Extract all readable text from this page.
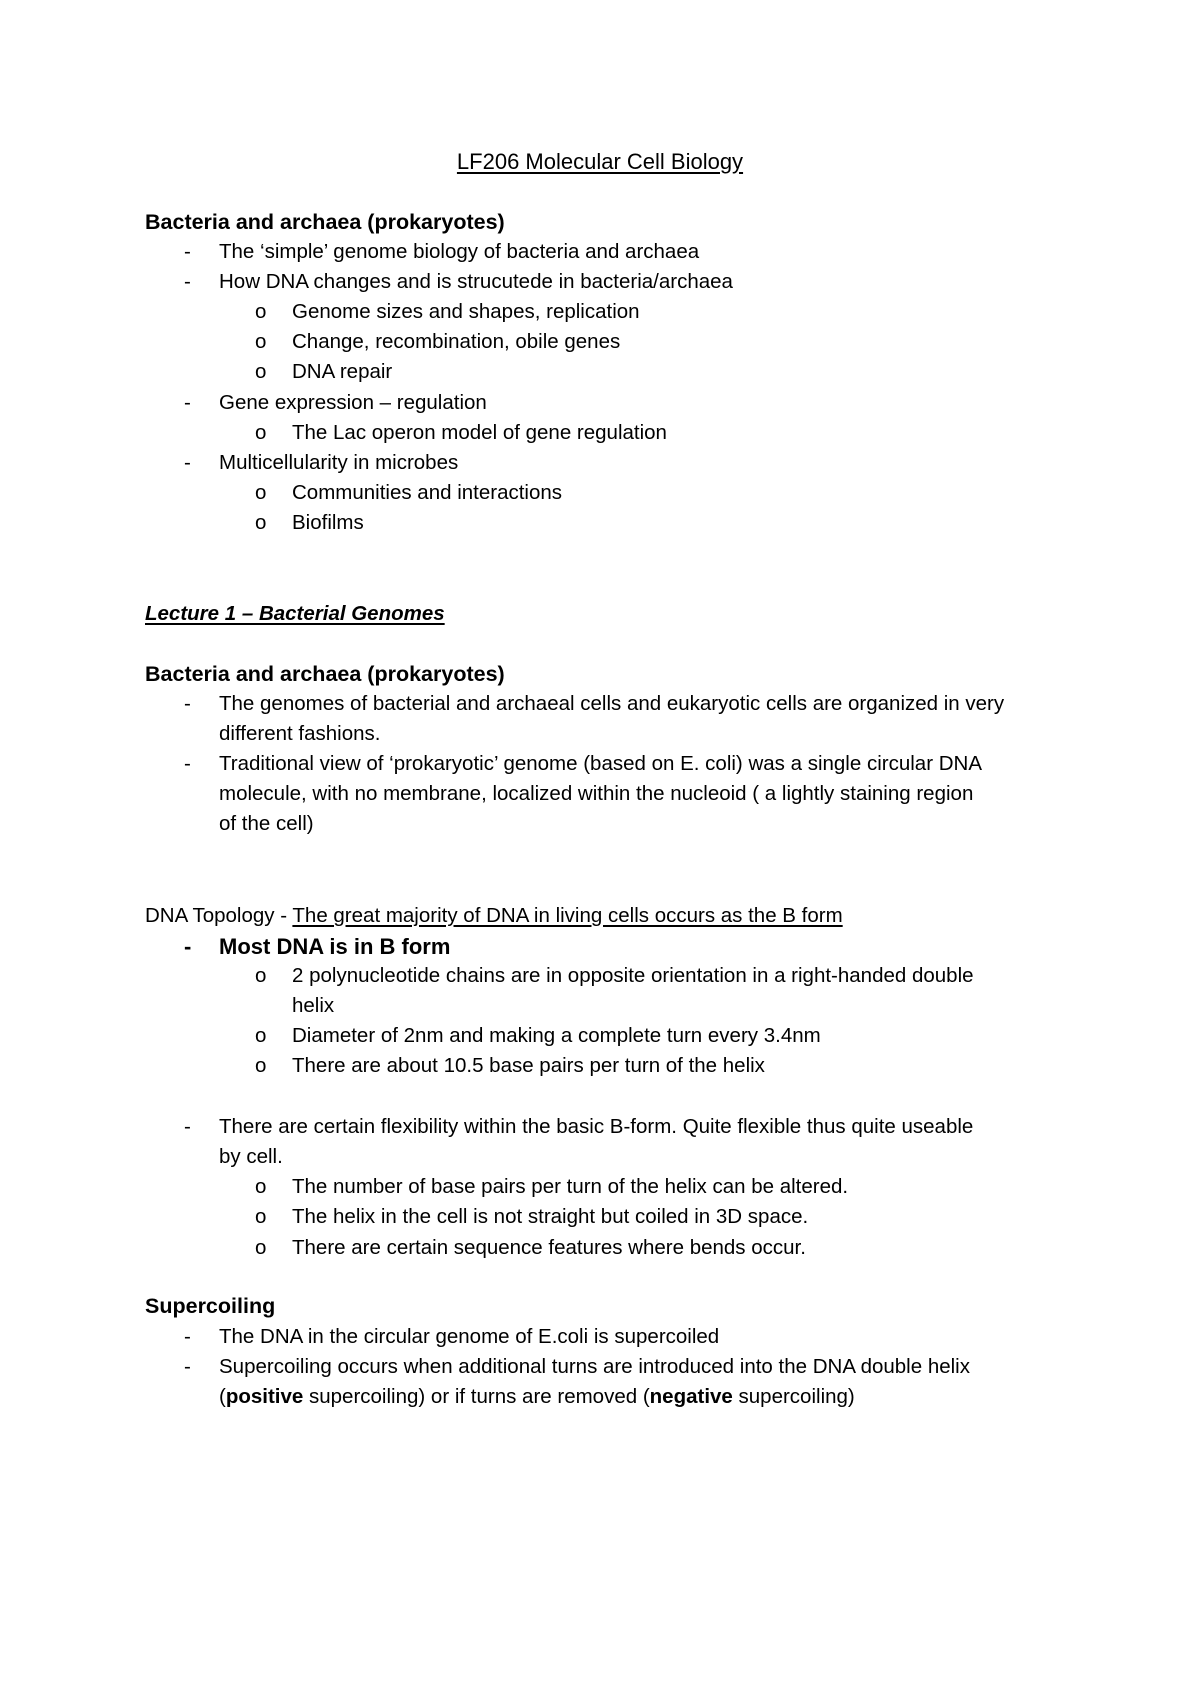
LF206 Molecular Cell Biology
Bacteria and archaea (prokaryotes)
- The ‘simple’ genome biology of bacteria and archaea
- How DNA changes and is strucutede in bacteria/archaea
o Genome sizes and shapes, replication
o Change, recombination, obile genes
o DNA repair
- Gene expression – regulation
o The Lac operon model of gene regulation
- Multicellularity in microbes
o Communities and interactions
o Biofilms
Lecture 1 – Bacterial Genomes
Bacteria and archaea (prokaryotes)
- The genomes of bacterial and archaeal cells and eukaryotic cells are organized in very
different fashions.
- Traditional view of ‘prokaryotic’ genome (based on E. coli) was a single circular DNA
molecule, with no membrane, localized within the nucleoid ( a lightly staining region
of the cell)
DNA Topology - The great majority of DNA in living cells occurs as the B form
- Most DNA is in B form
o 2 polynucleotide chains are in opposite orientation in a right-handed double
helix
o Diameter of 2nm and making a complete turn every 3.4nm
o There are about 10.5 base pairs per turn of the helix
- There are certain flexibility within the basic B-form. Quite flexible thus quite useable
by cell.
o The number of base pairs per turn of the helix can be altered.
o The helix in the cell is not straight but coiled in 3D space.
o There are certain sequence features where bends occur.
Supercoiling
- The DNA in the circular genome of E.coli is supercoiled
- Supercoiling occurs when additional turns are introduced into the DNA double helix
(positive supercoiling) or if turns are removed (negative supercoiling)
